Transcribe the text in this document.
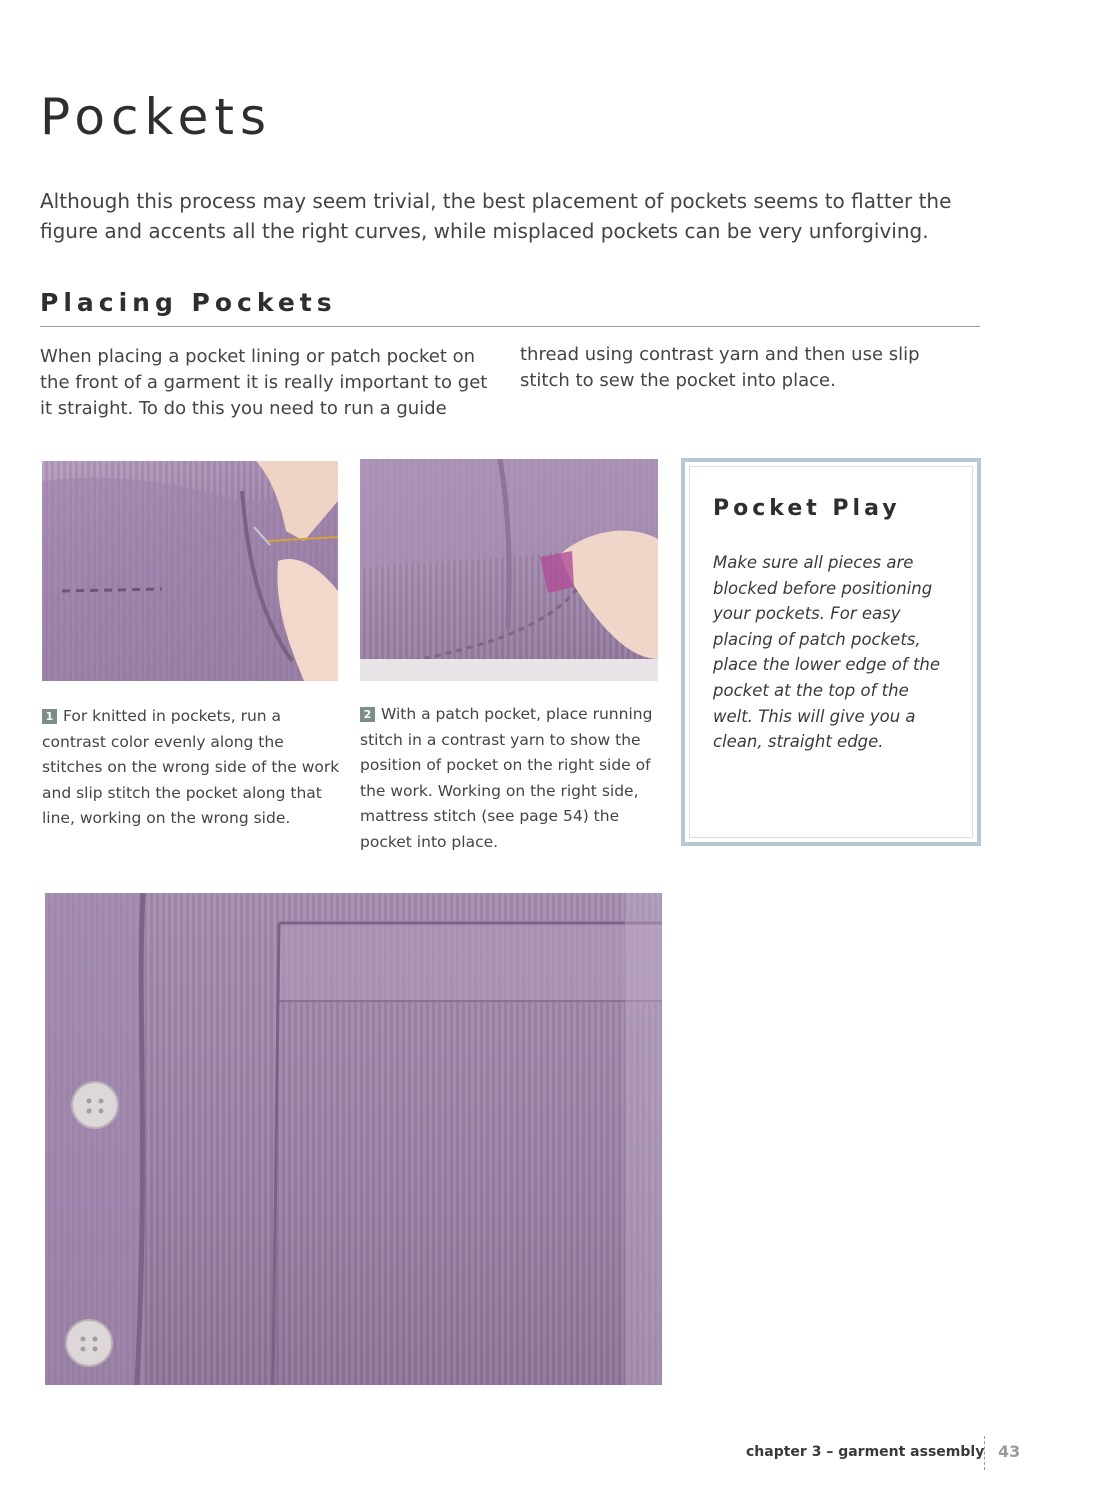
Pockets

Although this process may seem trivial, the best placement of pockets seems to flatter the figure and accents all the right curves, while misplaced pockets can be very unforgiving.

Placing Pockets

When placing a pocket lining or patch pocket on the front of a garment it is really important to get it straight. To do this you need to run a guide

thread using contrast yarn and then use slip stitch to sew the pocket into place.

1 For knitted in pockets, run a contrast color evenly along the stitches on the wrong side of the work and slip stitch the pocket along that line, working on the wrong side.

2 With a patch pocket, place running stitch in a contrast yarn to show the position of pocket on the right side of the work. Working on the right side, mattress stitch (see page 54) the pocket into place.

Pocket Play

Make sure all pieces are blocked before positioning your pockets. For easy placing of patch pockets, place the lower edge of the pocket at the top of the welt. This will give you a clean, straight edge.

chapter 3 – garment assembly 43
